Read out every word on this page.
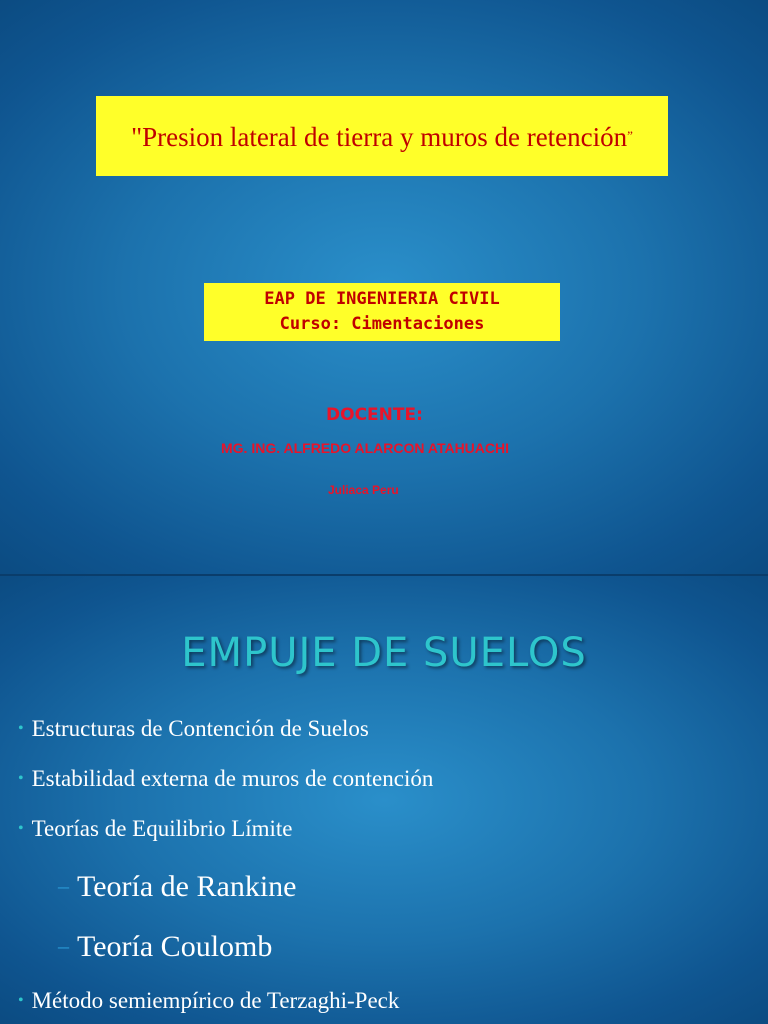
"Presion lateral de tierra y muros de retención”
EAP DE INGENIERIA CIVIL
Curso: Cimentaciones
DOCENTE:
MG. ING. ALFREDO ALARCON ATAHUACHI
Juliaca Peru
EMPUJE DE SUELOS
• Estructuras de Contención de Suelos
• Estabilidad externa de muros de contención
• Teorías de Equilibrio Límite
– Teoría de Rankine
– Teoría Coulomb
• Método semiempírico de Terzaghi-Peck
